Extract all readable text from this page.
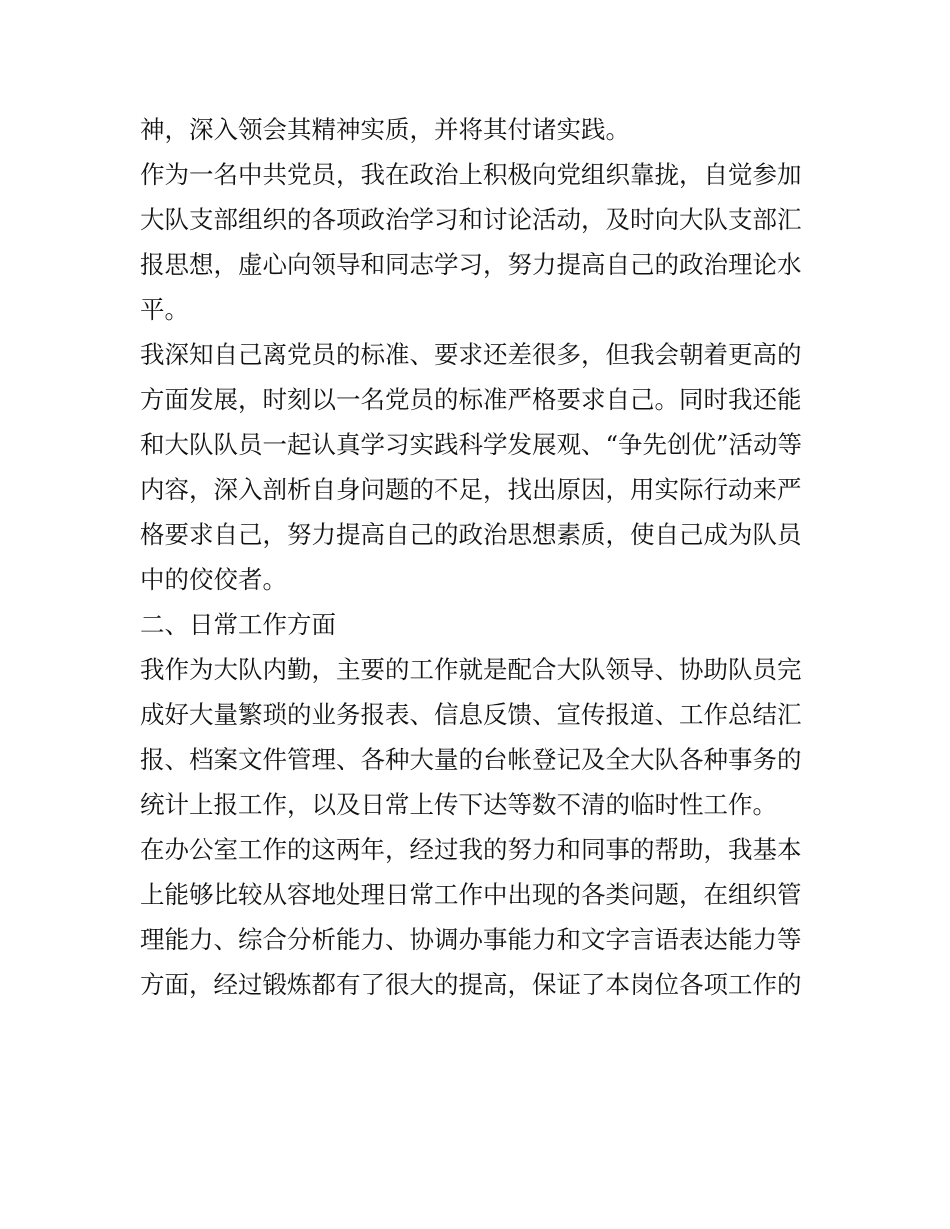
神，深入领会其精神实质，并将其付诸实践。
作为一名中共党员，我在政治上积极向党组织靠拢，自觉参加
大队支部组织的各项政治学习和讨论活动，及时向大队支部汇
报思想，虚心向领导和同志学习，努力提高自己的政治理论水
平。
我深知自己离党员的标准、要求还差很多，但我会朝着更高的
方面发展，时刻以一名党员的标准严格要求自己。同时我还能
和大队队员一起认真学习实践科学发展观、“争先创优”活动等
内容，深入剖析自身问题的不足，找出原因，用实际行动来严
格要求自己，努力提高自己的政治思想素质，使自己成为队员
中的佼佼者。
二、日常工作方面
我作为大队内勤，主要的工作就是配合大队领导、协助队员完
成好大量繁琐的业务报表、信息反馈、宣传报道、工作总结汇
报、档案文件管理、各种大量的台帐登记及全大队各种事务的
统计上报工作，以及日常上传下达等数不清的临时性工作。
在办公室工作的这两年，经过我的努力和同事的帮助，我基本
上能够比较从容地处理日常工作中出现的各类问题，在组织管
理能力、综合分析能力、协调办事能力和文字言语表达能力等
方面，经过锻炼都有了很大的提高，保证了本岗位各项工作的
